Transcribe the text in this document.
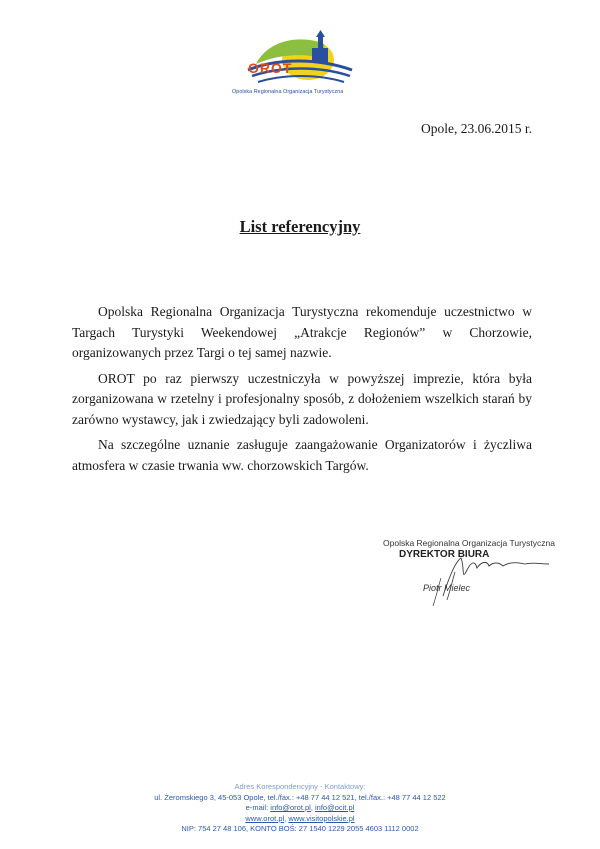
OROT
Opolska Regionalna Organizacja Turystyczna
Opole, 23.06.2015 r.
List referencyjny

Opolska Regionalna Organizacja Turystyczna rekomenduje uczestnictwo w Targach Turystyki Weekendowej „Atrakcje Regionów” w Chorzowie, organizowanych przez Targi o tej samej nazwie.

OROT po raz pierwszy uczestniczyła w powyższej imprezie, która była zorganizowana w rzetelny i profesjonalny sposób, z dołożeniem wszelkich starań by zarówno wystawcy, jak i zwiedzający byli zadowoleni.

Na szczególne uznanie zasługuje zaangażowanie Organizatorów i życzliwa atmosfera w czasie trwania ww. chorzowskich Targów.

Opolska Regionalna Organizacja Turystyczna
DYREKTOR BIURA
Piotr Mielec
Adres Korespondencyjny - Kontaktowy:
ul. Żeromskiego 3, 45-053 Opole, tel./fax.: +48 77 44 12 521, tel./fax.: +48 77 44 12 522
e-mail: info@orot.pl, info@ocit.pl
www.orot.pl, www.visitopolskie.pl
NIP: 754 27 48 106, KONTO BOŚ: 27 1540 1229 2055 4603 1112 0002
